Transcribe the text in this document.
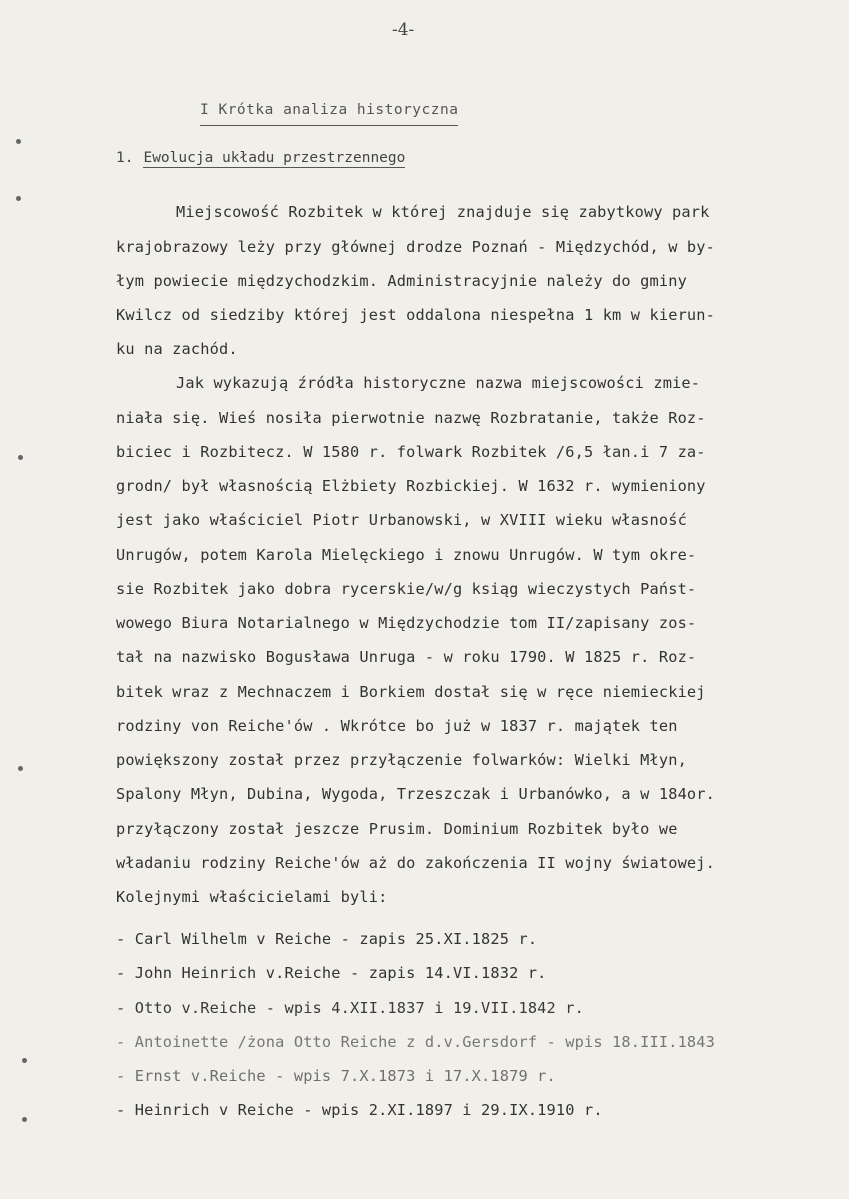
-4-
I Krótka analiza historyczna
1. Ewolucja układu przestrzennego
Miejscowość Rozbitek w której znajduje się zabytkowy park
krajobrazowy leży przy głównej drodze Poznań - Międzychód, w by-
łym powiecie międzychodzkim. Administracyjnie należy do gminy
Kwilcz od siedziby której jest oddalona niespełna 1 km w kierun-
ku na zachód.
Jak wykazują źródła historyczne nazwa miejscowości zmie-
niała się. Wieś nosiła pierwotnie nazwę Rozbratanie, także Roz-
biciec i Rozbitecz. W 1580 r. folwark Rozbitek /6,5 łan.i 7 za-
grodn/ był własnością Elżbiety Rozbickiej. W 1632 r. wymieniony
jest jako właściciel Piotr Urbanowski, w XVIII wieku własność
Unrugów, potem Karola Mielęckiego i znowu Unrugów. W tym okre-
sie Rozbitek jako dobra rycerskie/w/g ksiąg wieczystych Państ-
wowego Biura Notarialnego w Międzychodzie tom II/zapisany zos-
tał na nazwisko Bogusława Unruga - w roku 1790. W 1825 r. Roz-
bitek wraz z Mechnaczem i Borkiem dostał się w ręce niemieckiej
rodziny von Reiche'ów . Wkrótce bo już w 1837 r. majątek ten
powiększony został przez przyłączenie folwarków: Wielki Młyn,
Spalony Młyn, Dubina, Wygoda, Trzeszczak i Urbanówko, a w 184or.
przyłączony został jeszcze Prusim. Dominium Rozbitek było we
władaniu rodziny Reiche'ów aż do zakończenia II wojny światowej.
Kolejnymi właścicielami byli:
- Carl Wilhelm v Reiche - zapis 25.XI.1825 r.
- John Heinrich v.Reiche - zapis 14.VI.1832 r.
- Otto v.Reiche - wpis 4.XII.1837 i 19.VII.1842 r.
- Antoinette /żona Otto Reiche z d.v.Gersdorf - wpis 18.III.1843
- Ernst v.Reiche - wpis 7.X.1873 i 17.X.1879 r.
- Heinrich v Reiche - wpis 2.XI.1897 i 29.IX.1910 r.
